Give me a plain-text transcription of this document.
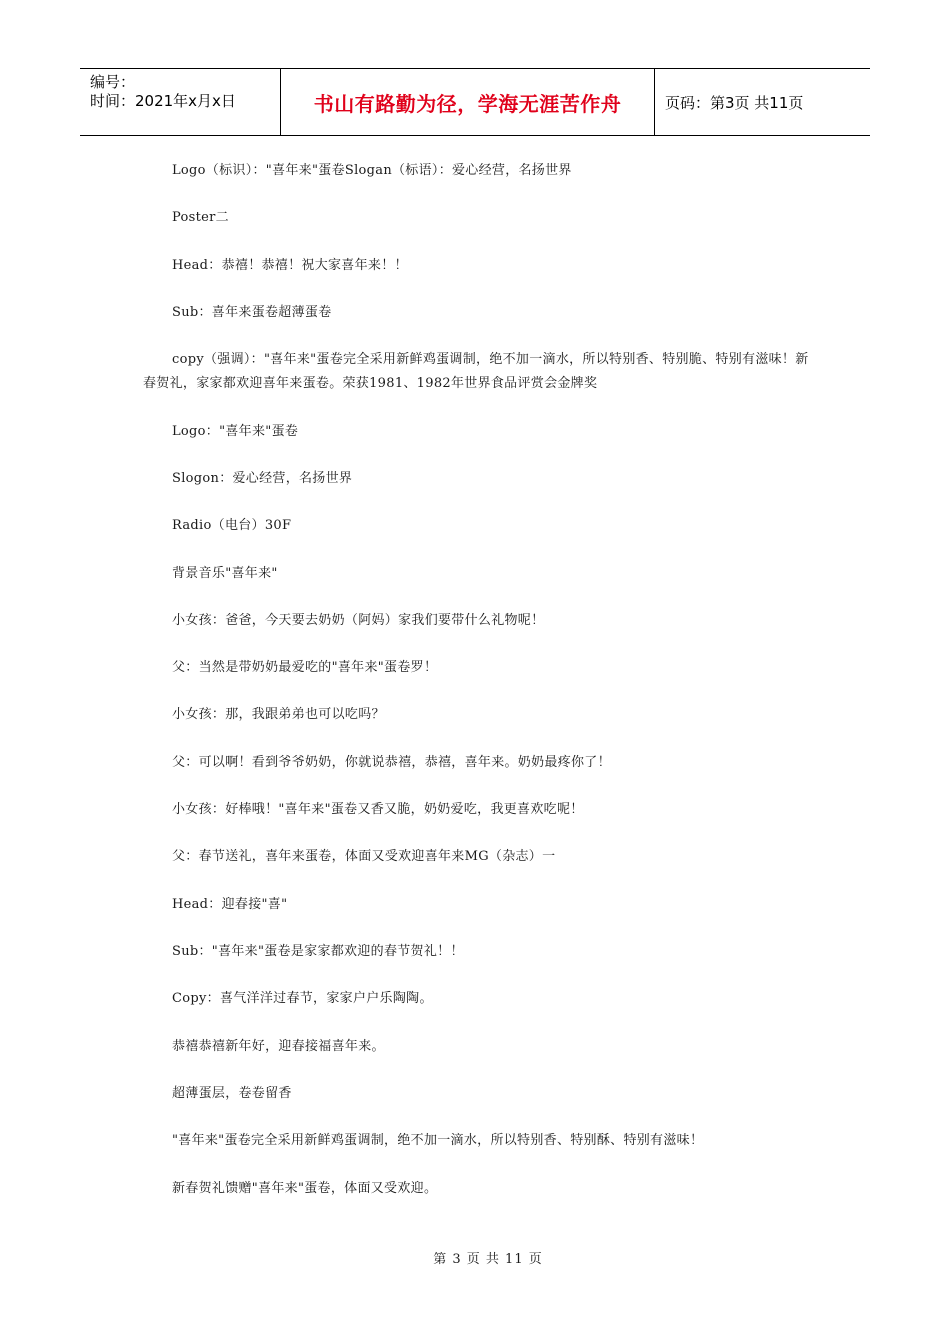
编号：
时间：2021年x月x日	书山有路勤为径，学海无涯苦作舟	页码：第3页 共11页
Logo（标识）："喜年来"蛋卷Slogan（标语）：爱心经营，名扬世界
Poster二
Head：恭禧！恭禧！祝大家喜年来！！
Sub：喜年来蛋卷超薄蛋卷
copy（强调）："喜年来"蛋卷完全采用新鲜鸡蛋调制，绝不加一滴水，所以特别香、特别脆、特别有滋味！新春贺礼，家家都欢迎喜年来蛋卷。荣获1981、1982年世界食品评赏会金牌奖
Logo："喜年来"蛋卷
Slogon：爱心经营，名扬世界
Radio（电台）30F
背景音乐"喜年来"
小女孩：爸爸，今天要去奶奶（阿妈）家我们要带什么礼物呢！
父：当然是带奶奶最爱吃的"喜年来"蛋卷罗！
小女孩：那，我跟弟弟也可以吃吗？
父：可以啊！看到爷爷奶奶，你就说恭禧，恭禧，喜年来。奶奶最疼你了！
小女孩：好棒哦！"喜年来"蛋卷又香又脆，奶奶爱吃，我更喜欢吃呢！
父：春节送礼，喜年来蛋卷，体面又受欢迎喜年来MG（杂志）一
Head：迎春接"喜"
Sub："喜年来"蛋卷是家家都欢迎的春节贺礼！！
Copy：喜气洋洋过春节，家家户户乐陶陶。
恭禧恭禧新年好，迎春接福喜年来。
超薄蛋层，卷卷留香
"喜年来"蛋卷完全采用新鲜鸡蛋调制，绝不加一滴水，所以特别香、特别酥、特别有滋味！
新春贺礼馈赠"喜年来"蛋卷，体面又受欢迎。
第 3 页 共 11 页
